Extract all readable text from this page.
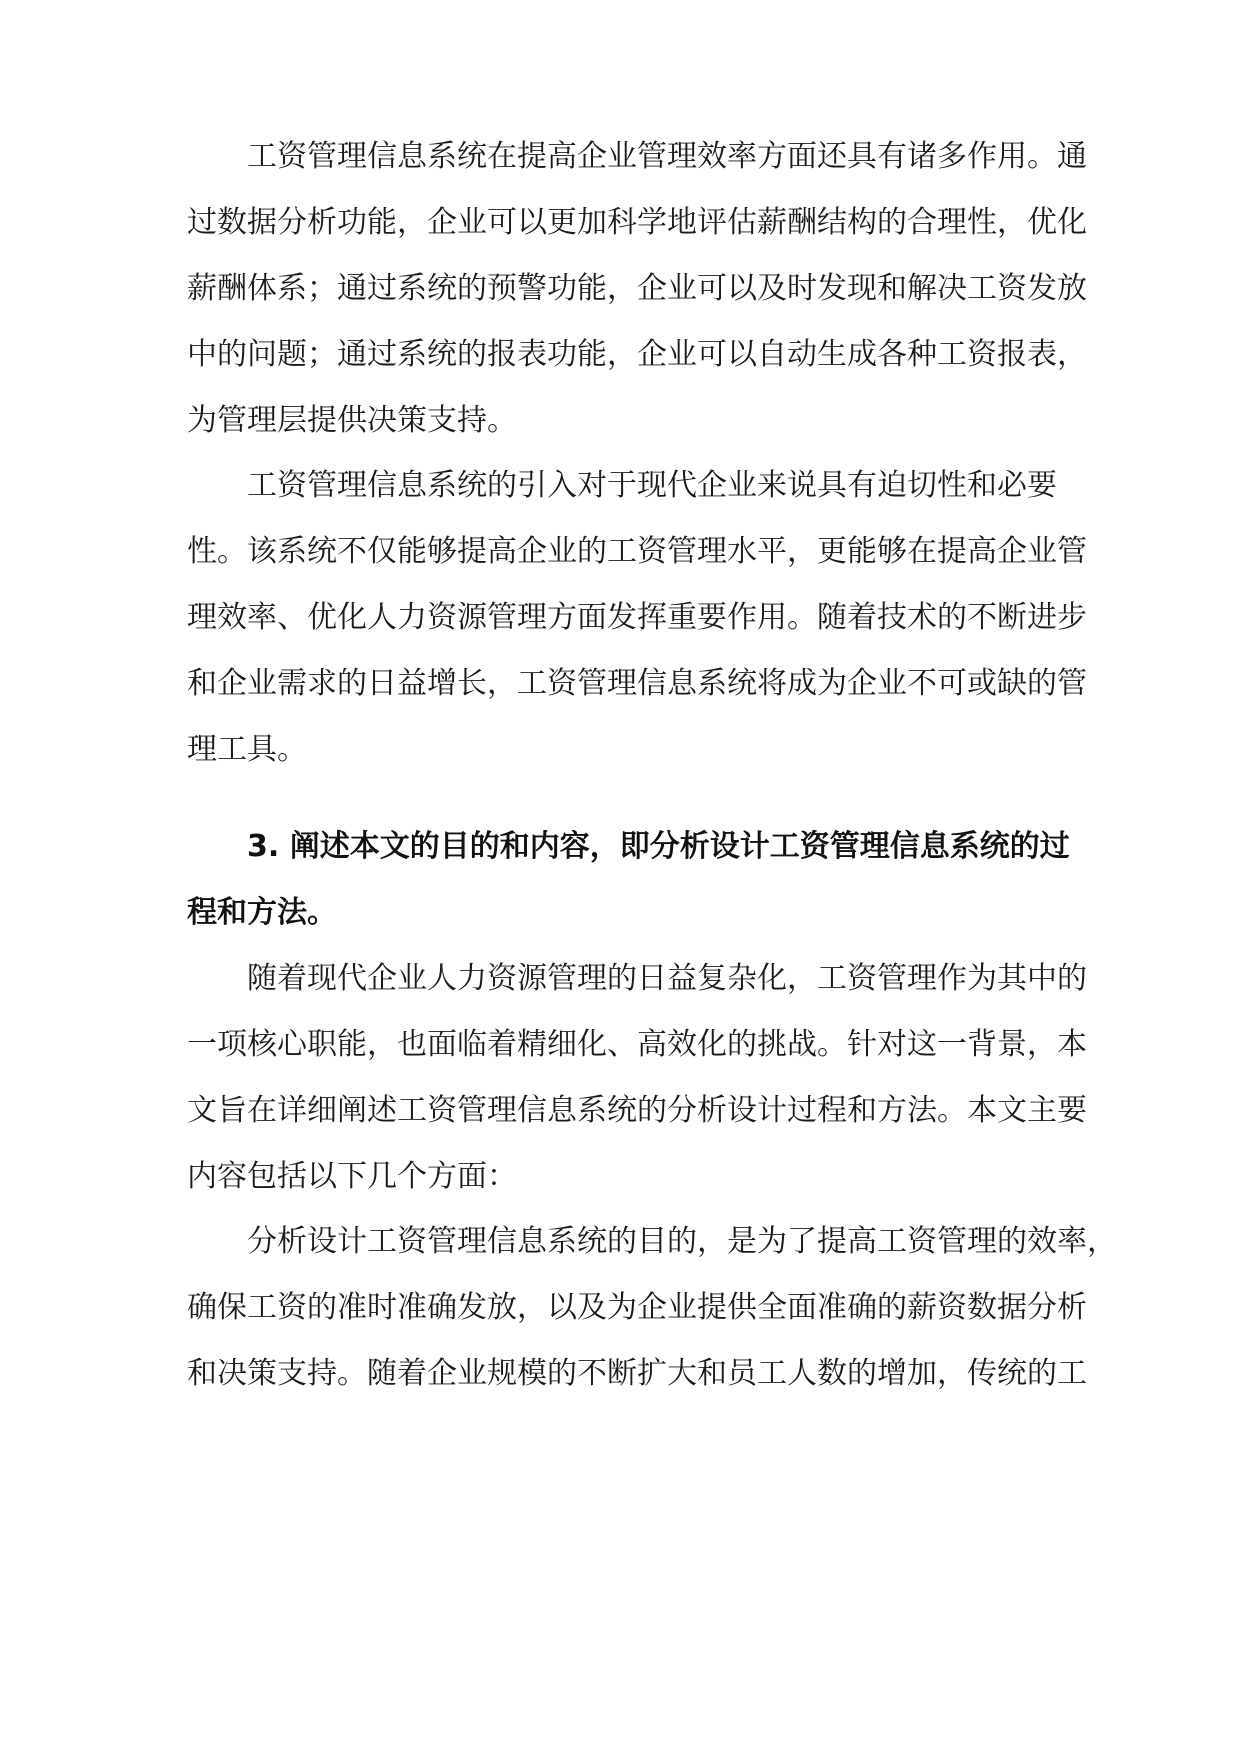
工资管理信息系统在提高企业管理效率方面还具有诸多作用。通

过数据分析功能，企业可以更加科学地评估薪酬结构的合理性，优化

薪酬体系；通过系统的预警功能，企业可以及时发现和解决工资发放

中的问题；通过系统的报表功能，企业可以自动生成各种工资报表，

为管理层提供决策支持。

工资管理信息系统的引入对于现代企业来说具有迫切性和必要

性。该系统不仅能够提高企业的工资管理水平，更能够在提高企业管

理效率、优化人力资源管理方面发挥重要作用。随着技术的不断进步

和企业需求的日益增长，工资管理信息系统将成为企业不可或缺的管

理工具。

3. 阐述本文的目的和内容，即分析设计工资管理信息系统的过

程和方法。

随着现代企业人力资源管理的日益复杂化，工资管理作为其中的

一项核心职能，也面临着精细化、高效化的挑战。针对这一背景，本

文旨在详细阐述工资管理信息系统的分析设计过程和方法。本文主要

内容包括以下几个方面：

分析设计工资管理信息系统的目的，是为了提高工资管理的效率，

确保工资的准时准确发放，以及为企业提供全面准确的薪资数据分析

和决策支持。随着企业规模的不断扩大和员工人数的增加，传统的工
